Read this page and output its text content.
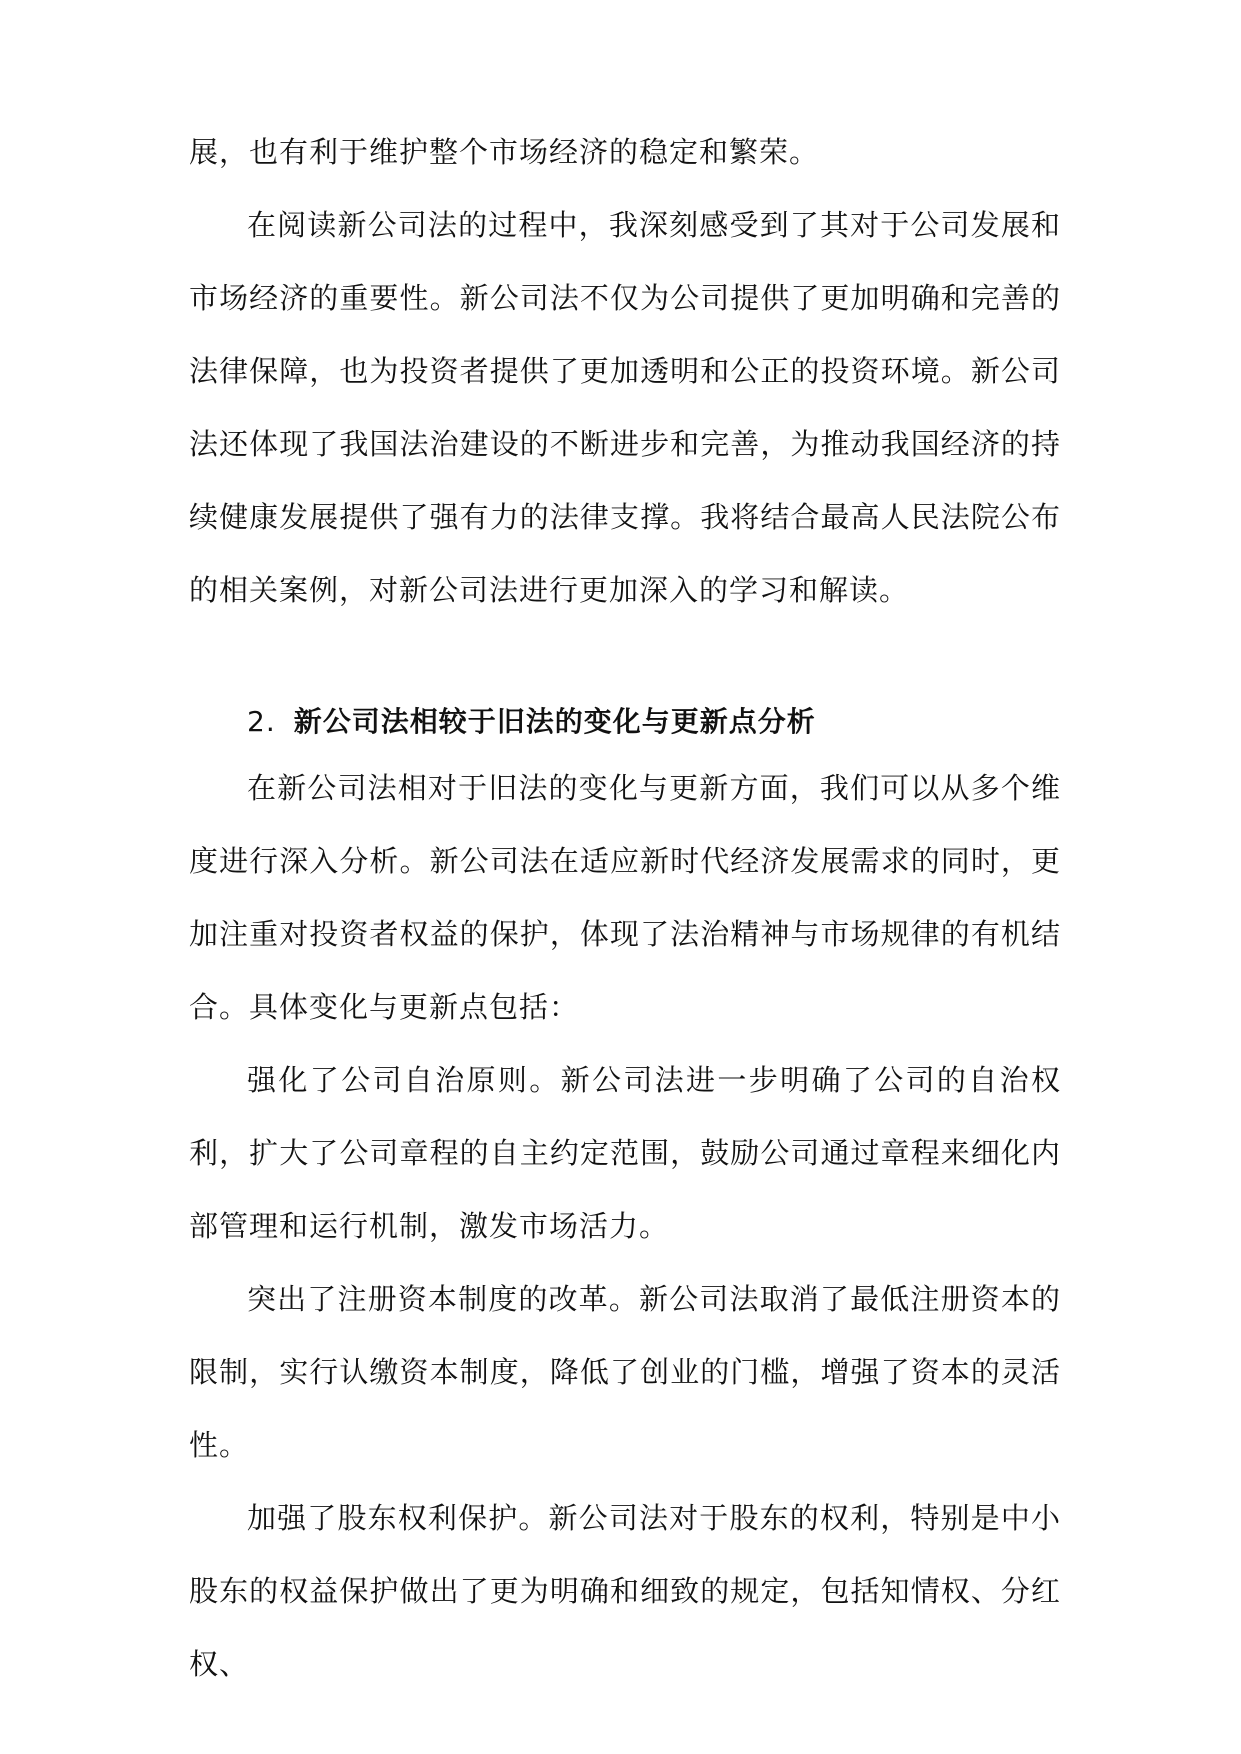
展，也有利于维护整个市场经济的稳定和繁荣。

在阅读新公司法的过程中，我深刻感受到了其对于公司发展和市场经济的重要性。新公司法不仅为公司提供了更加明确和完善的法律保障，也为投资者提供了更加透明和公正的投资环境。新公司法还体现了我国法治建设的不断进步和完善，为推动我国经济的持续健康发展提供了强有力的法律支撑。我将结合最高人民法院公布的相关案例，对新公司法进行更加深入的学习和解读。

2. 新公司法相较于旧法的变化与更新点分析

在新公司法相对于旧法的变化与更新方面，我们可以从多个维度进行深入分析。新公司法在适应新时代经济发展需求的同时，更加注重对投资者权益的保护，体现了法治精神与市场规律的有机结合。具体变化与更新点包括：

强化了公司自治原则。新公司法进一步明确了公司的自治权利，扩大了公司章程的自主约定范围，鼓励公司通过章程来细化内部管理和运行机制，激发市场活力。

突出了注册资本制度的改革。新公司法取消了最低注册资本的限制，实行认缴资本制度，降低了创业的门槛，增强了资本的灵活性。

加强了股东权利保护。新公司法对于股东的权利，特别是中小股东的权益保护做出了更为明确和细致的规定，包括知情权、分红权、
